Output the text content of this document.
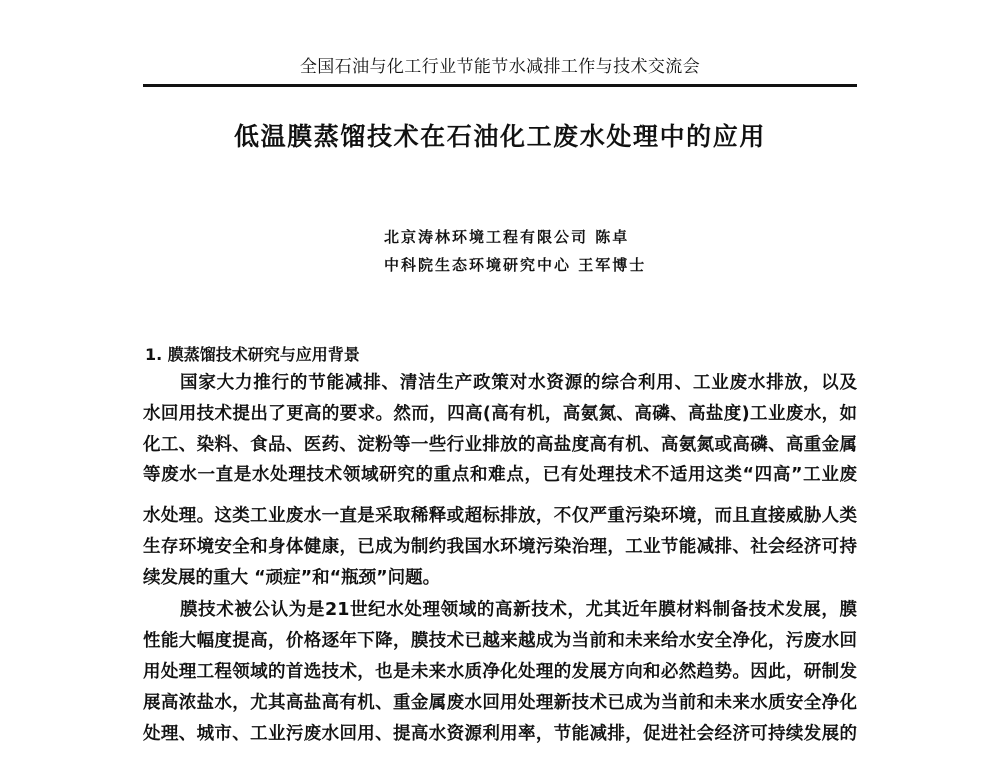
全国石油与化工行业节能节水减排工作与技术交流会
低温膜蒸馏技术在石油化工废水处理中的应用
北京涛林环境工程有限公司 陈卓
中科院生态环境研究中心 王军博士
1. 膜蒸馏技术研究与应用背景
国家大力推行的节能减排、清洁生产政策对水资源的综合利用、工业废水排放，以及
水回用技术提出了更高的要求。然而，四高(高有机，高氨氮、高磷、高盐度)工业废水，如
化工、染料、食品、医药、淀粉等一些行业排放的高盐度高有机、高氨氮或高磷、高重金属
等废水一直是水处理技术领域研究的重点和难点，已有处理技术不适用这类“四高”工业废
水处理。这类工业废水一直是采取稀释或超标排放，不仅严重污染环境，而且直接威胁人类
生存环境安全和身体健康，已成为制约我国水环境污染治理，工业节能减排、社会经济可持
续发展的重大 “顽症”和“瓶颈”问题。
膜技术被公认为是21世纪水处理领域的高新技术，尤其近年膜材料制备技术发展，膜
性能大幅度提高，价格逐年下降，膜技术已越来越成为当前和未来给水安全净化，污废水回
用处理工程领域的首选技术，也是未来水质净化处理的发展方向和必然趋势。因此，研制发
展高浓盐水，尤其高盐高有机、重金属废水回用处理新技术已成为当前和未来水质安全净化
处理、城市、工业污废水回用、提高水资源利用率，节能减排，促进社会经济可持续发展的
